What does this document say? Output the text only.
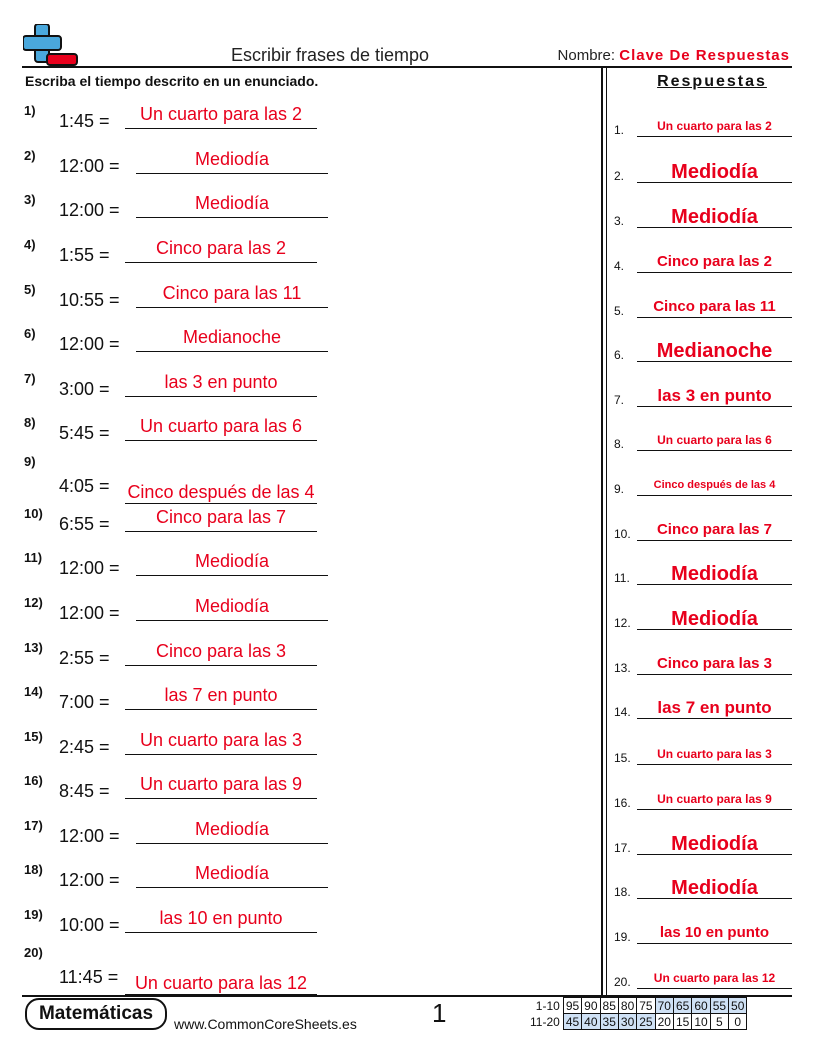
Escribir frases de tiempo	Nombre: Clave De Respuestas
Escriba el tiempo descrito en un enunciado.	Respuestas
1)
1:45 =	Un cuarto para las 2
2)
12:00 =	Mediodía
3)
12:00 =	Mediodía
4)
1:55 =	Cinco para las 2
5)
10:55 =	Cinco para las 11
6)
12:00 =	Medianoche
7)
3:00 =	las 3 en punto
8)
5:45 =	Un cuarto para las 6
9)
4:05 = Cinco después de las 4
10)
6:55 =	Cinco para las 7
11)
12:00 =	Mediodía
12)
12:00 =	Mediodía
13)
2:55 =	Cinco para las 3
14)
7:00 =	las 7 en punto
15)
2:45 =	Un cuarto para las 3
16)
8:45 =	Un cuarto para las 9
17)
12:00 =	Mediodía
18)
12:00 =	Mediodía
19)
10:00 =	las 10 en punto
20)
11:45 = Un cuarto para las 12
1.	Un cuarto para las 2
2.	Mediodía
3.	Mediodía
4.	Cinco para las 2
5.	Cinco para las 11
6.	Medianoche
7.	las 3 en punto
8.	Un cuarto para las 6
9.	Cinco después de las 4
10.	Cinco para las 7
11.	Mediodía
12.	Mediodía
13.	Cinco para las 3
14.	las 7 en punto
15.	Un cuarto para las 3
16.	Un cuarto para las 9
17.	Mediodía
18.	Mediodía
19.	las 10 en punto
20.	Un cuarto para las 12
Matemáticas	www.CommonCoreSheets.es	1	1-10	95	90	85	80	75	70	65	60	55	50
11-20	45	40	35	30	25	20	15	10	5	0
